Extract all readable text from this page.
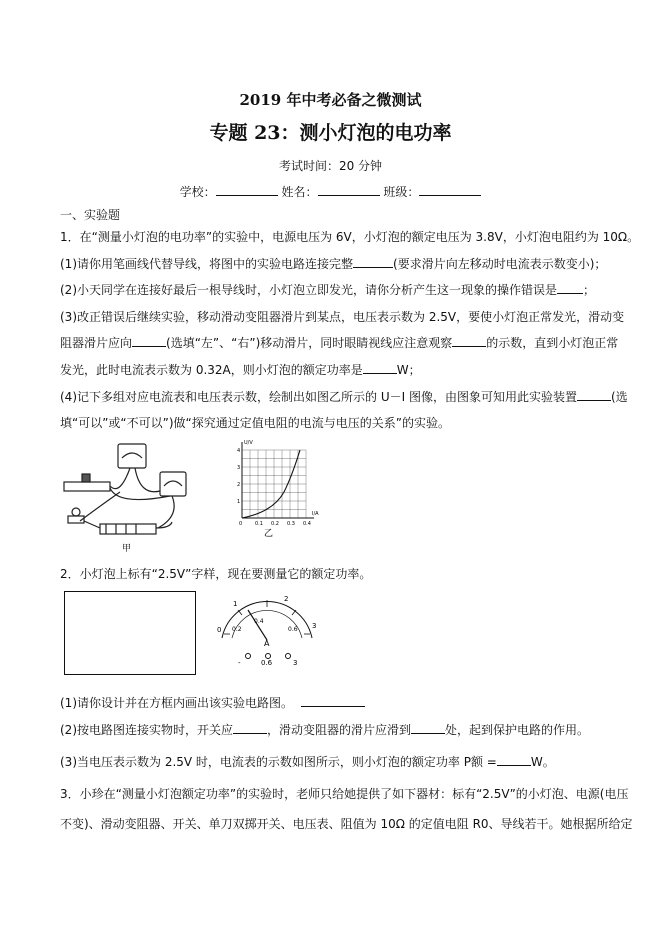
2019 年中考必备之微测试
专题 23：测小灯泡的电功率
考试时间：20 分钟
学校：	姓名：	班级：
一、实验题
1．在“测量小灯泡的电功率”的实验中，电源电压为 6V，小灯泡的额定电压为 3.8V，小灯泡电阻约为 10Ω。
(1)请你用笔画线代替导线，将图中的实验电路连接完整	(要求滑片向左移动时电流表示数变小)；
(2)小天同学在连接好最后一根导线时，小灯泡立即发光，请你分析产生这一现象的操作错误是 ；
(3)改正错误后继续实验，移动滑动变阻器滑片到某点，电压表示数为 2.5V，要使小灯泡正常发光，滑动变
阻器滑片应向	(选填“左”、“右”)移动滑片，同时眼睛视线应注意观察	的示数，直到小灯泡正常
发光，此时电流表示数为 0.32A，则小灯泡的额定功率是	W；
(4)记下多组对应电流表和电压表示数，绘制出如图乙所示的 U－I 图像，由图象可知用此实验装置	(选
填“可以”或“不可以”)做“探究通过定值电阻的电流与电压的关系”的实验。
甲
U/V
I/A
1
2
3
4
0	0.1 0.2 0.3 0.4
乙
2．小灯泡上标有“2.5V”字样，现在要测量它的额定功率。
0
1
2
3
0.2
0.4
0.6
A
-	0.6	3
(1)请你设计并在方框内画出该实验电路图。
(2)按电路图连接实物时，开关应	，滑动变阻器的滑片应滑到	处，起到保护电路的作用。
(3)当电压表示数为 2.5V 时，电流表的示数如图所示，则小灯泡的额定功率 P额 =	W。
3．小珍在“测量小灯泡额定功率”的实验时，老师只给她提供了如下器材：标有“2.5V”的小灯泡、电源(电压
不变)、滑动变阻器、开关、单刀双掷开关、电压表、阻值为 10Ω 的定值电阻 R0、导线若干。她根据所给定
